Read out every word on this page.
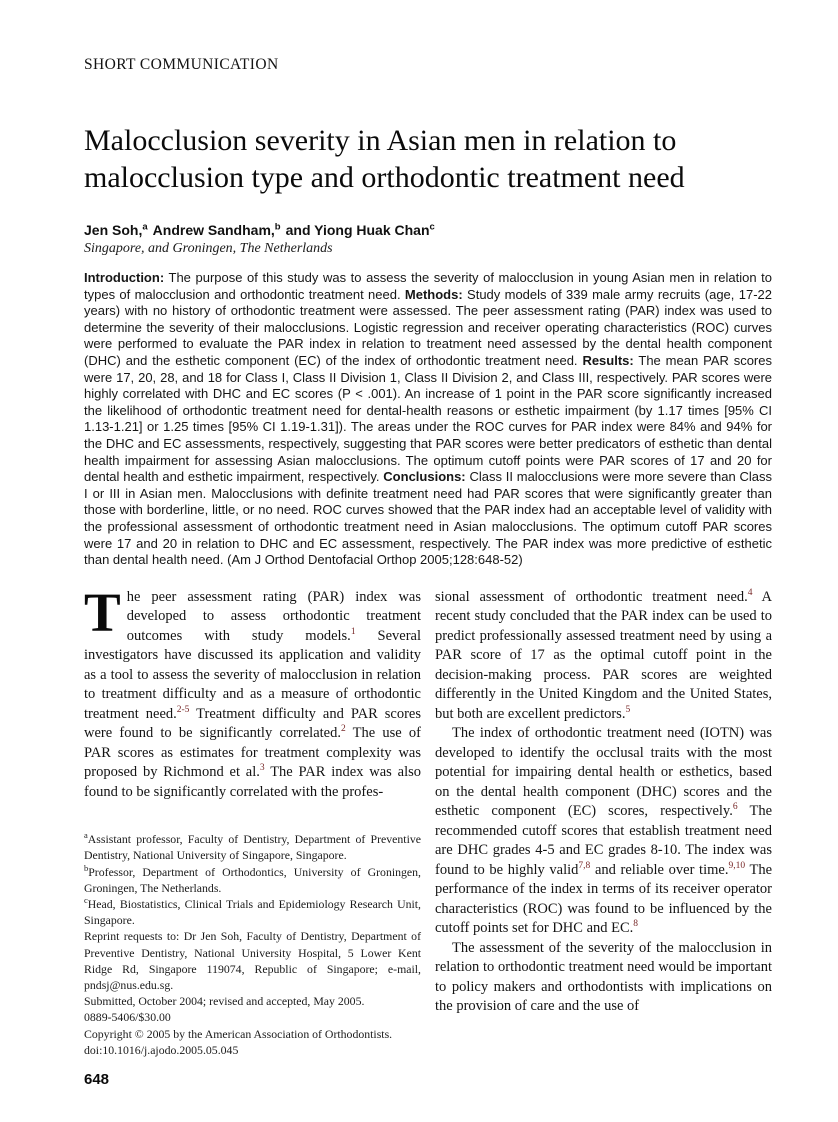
SHORT COMMUNICATION
Malocclusion severity in Asian men in relation to malocclusion type and orthodontic treatment need
Jen Soh,$^a$ Andrew Sandham,$^b$ and Yiong Huak Chan$^c$
Singapore, and Groningen, The Netherlands

Introduction: The purpose of this study was to assess the severity of malocclusion in young Asian men in relation to types of malocclusion and orthodontic treatment need. Methods: Study models of 339 male army recruits (age, 17-22 years) with no history of orthodontic treatment were assessed. The peer assessment rating (PAR) index was used to determine the severity of their malocclusions. Logistic regression and receiver operating characteristics (ROC) curves were performed to evaluate the PAR index in relation to treatment need assessed by the dental health component (DHC) and the esthetic component (EC) of the index of orthodontic treatment need. Results: The mean PAR scores were 17, 20, 28, and 18 for Class I, Class II Division 1, Class II Division 2, and Class III, respectively. PAR scores were highly correlated with DHC and EC scores (P < .001). An increase of 1 point in the PAR score significantly increased the likelihood of orthodontic treatment need for dental-health reasons or esthetic impairment (by 1.17 times [95% CI 1.13-1.21] or 1.25 times [95% CI 1.19-1.31]). The areas under the ROC curves for PAR index were 84% and 94% for the DHC and EC assessments, respectively, suggesting that PAR scores were better predicators of esthetic than dental health impairment for assessing Asian malocclusions. The optimum cutoff points were PAR scores of 17 and 20 for dental health and esthetic impairment, respectively. Conclusions: Class II malocclusions were more severe than Class I or III in Asian men. Malocclusions with definite treatment need had PAR scores that were significantly greater than those with borderline, little, or no need. ROC curves showed that the PAR index had an acceptable level of validity with the professional assessment of orthodontic treatment need in Asian malocclusions. The optimum cutoff PAR scores were 17 and 20 in relation to DHC and EC assessment, respectively. The PAR index was more predictive of esthetic than dental health need. (Am J Orthod Dentofacial Orthop 2005;128:648-52)

The peer assessment rating (PAR) index was developed to assess orthodontic treatment outcomes with study models.$^1$ Several investigators have discussed its application and validity as a tool to assess the severity of malocclusion in relation to treatment difficulty and as a measure of orthodontic treatment need.$^{2-5}$ Treatment difficulty and PAR scores were found to be significantly correlated.$^2$ The use of PAR scores as estimates for treatment complexity was proposed by Richmond et al.$^3$ The PAR index was also found to be significantly correlated with the profes-

$^a$Assistant professor, Faculty of Dentistry, Department of Preventive Dentistry, National University of Singapore, Singapore.

$^b$Professor, Department of Orthodontics, University of Groningen, Groningen, The Netherlands.

$^c$Head, Biostatistics, Clinical Trials and Epidemiology Research Unit, Singapore.

Reprint requests to: Dr Jen Soh, Faculty of Dentistry, Department of Preventive Dentistry, National University Hospital, 5 Lower Kent Ridge Rd, Singapore 119074, Republic of Singapore; e-mail, pndsj@nus.edu.sg.

Submitted, October 2004; revised and accepted, May 2005.

0889-5406/$30.00

Copyright © 2005 by the American Association of Orthodontists.

doi:10.1016/j.ajodo.2005.05.045

648

sional assessment of orthodontic treatment need.$^4$ A recent study concluded that the PAR index can be used to predict professionally assessed treatment need by using a PAR score of 17 as the optimal cutoff point in the decision-making process. PAR scores are weighted differently in the United Kingdom and the United States, but both are excellent predictors.$^5$

The index of orthodontic treatment need (IOTN) was developed to identify the occlusal traits with the most potential for impairing dental health or esthetics, based on the dental health component (DHC) scores and the esthetic component (EC) scores, respectively.$^6$ The recommended cutoff scores that establish treatment need are DHC grades 4-5 and EC grades 8-10. The index was found to be highly valid$^{7,8}$ and reliable over time.$^{9,10}$ The performance of the index in terms of its receiver operator characteristics (ROC) was found to be influenced by the cutoff points set for DHC and EC.$^8$

The assessment of the severity of the malocclusion in relation to orthodontic treatment need would be important to policy makers and orthodontists with implications on the provision of care and the use of
